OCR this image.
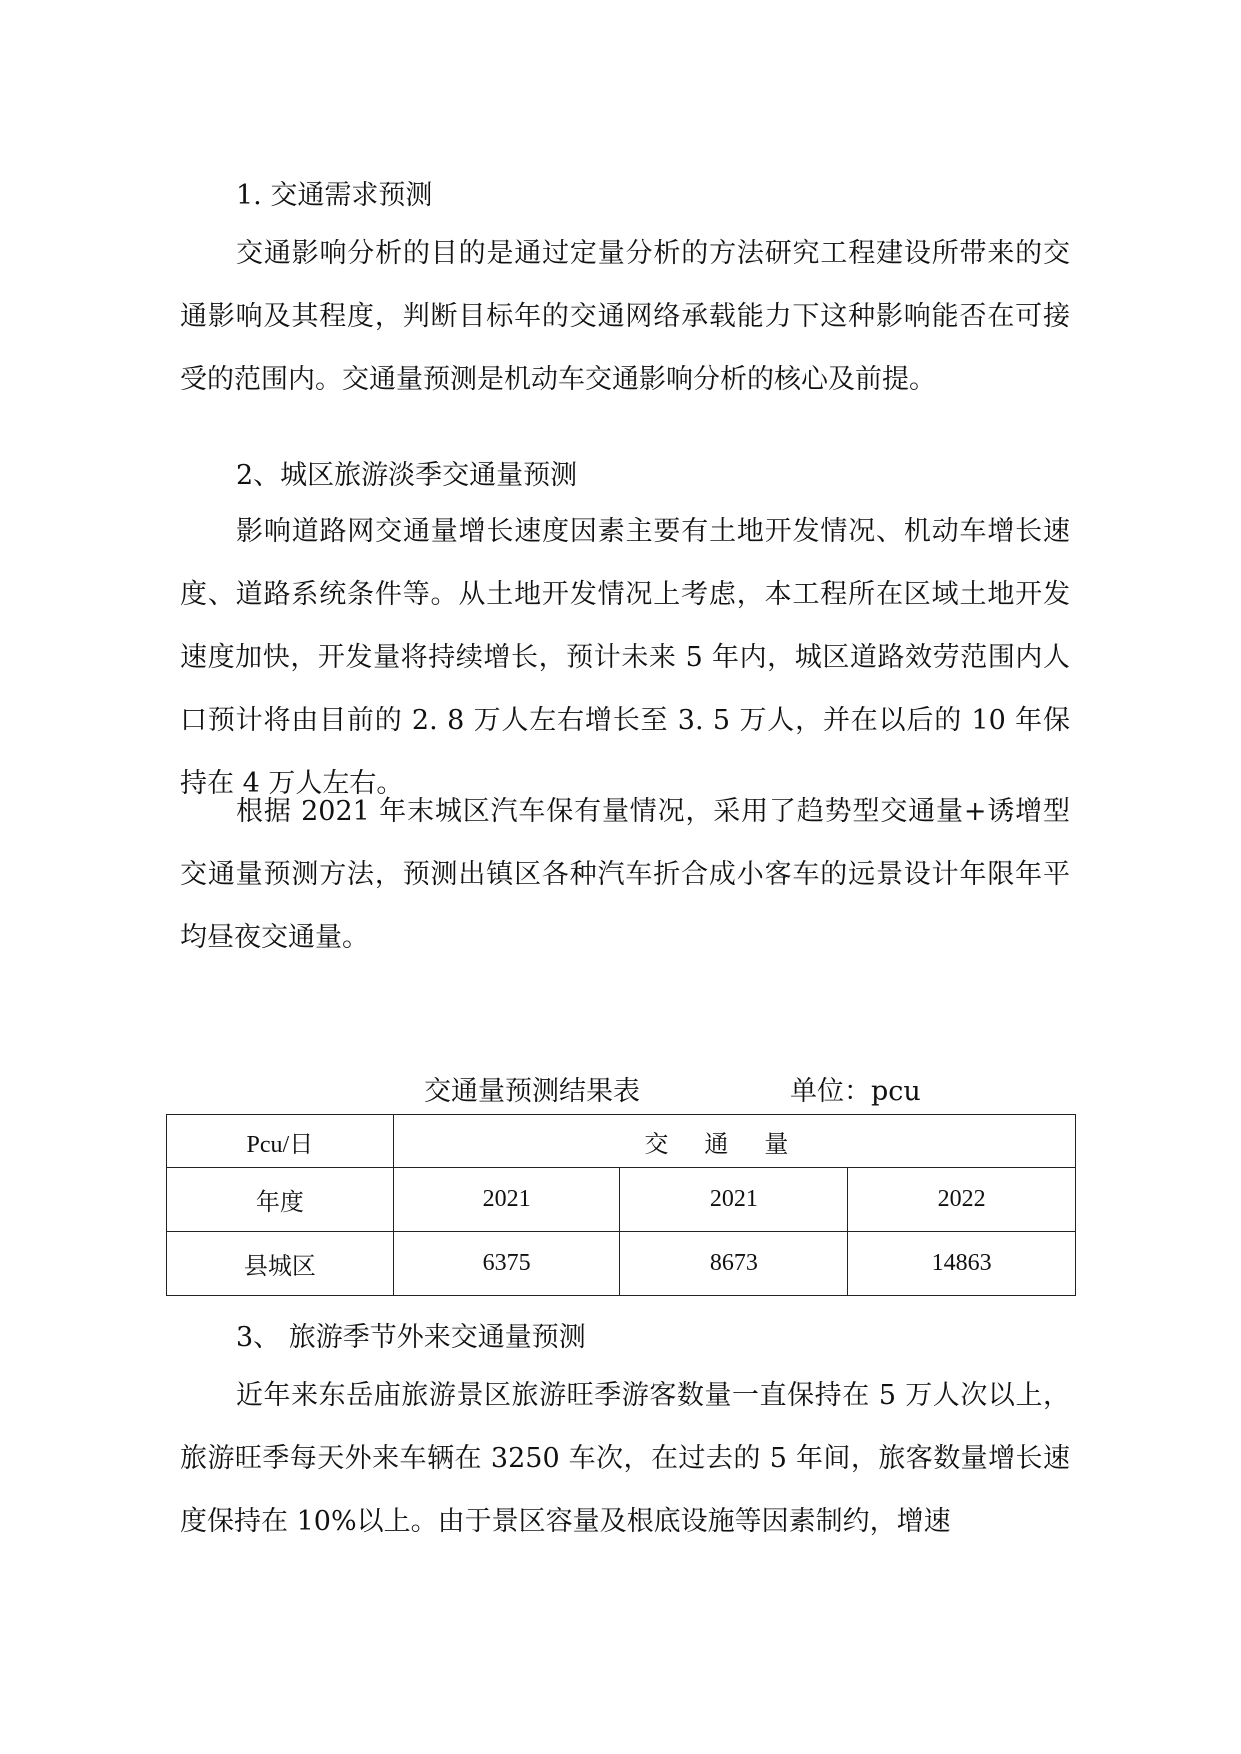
1. 交通需求预测

交通影响分析的目的是通过定量分析的方法研究工程建设所带来的交通影响及其程度，判断目标年的交通网络承载能力下这种影响能否在可接受的范围内。交通量预测是机动车交通影响分析的核心及前提。

2、城区旅游淡季交通量预测

影响道路网交通量增长速度因素主要有土地开发情况、机动车增长速度、道路系统条件等。从土地开发情况上考虑，本工程所在区域土地开发速度加快，开发量将持续增长，预计未来 5 年内，城区道路效劳范围内人口预计将由目前的 2. 8 万人左右增长至 3. 5 万人，并在以后的 10 年保持在 4 万人左右。

根据 2021 年末城区汽车保有量情况，采用了趋势型交通量+诱增型交通量预测方法，预测出镇区各种汽车折合成小客车的远景设计年限年平均昼夜交通量。

交通量预测结果表	单位：pcu
Pcu/日	交通量		
年度	2021	2021	2022
县城区	6375	8673	14863
3、 旅游季节外来交通量预测

近年来东岳庙旅游景区旅游旺季游客数量一直保持在 5 万人次以上，旅游旺季每天外来车辆在 3250 车次，在过去的 5 年间，旅客数量增长速度保持在 10%以上。由于景区容量及根底设施等因素制约，增速
